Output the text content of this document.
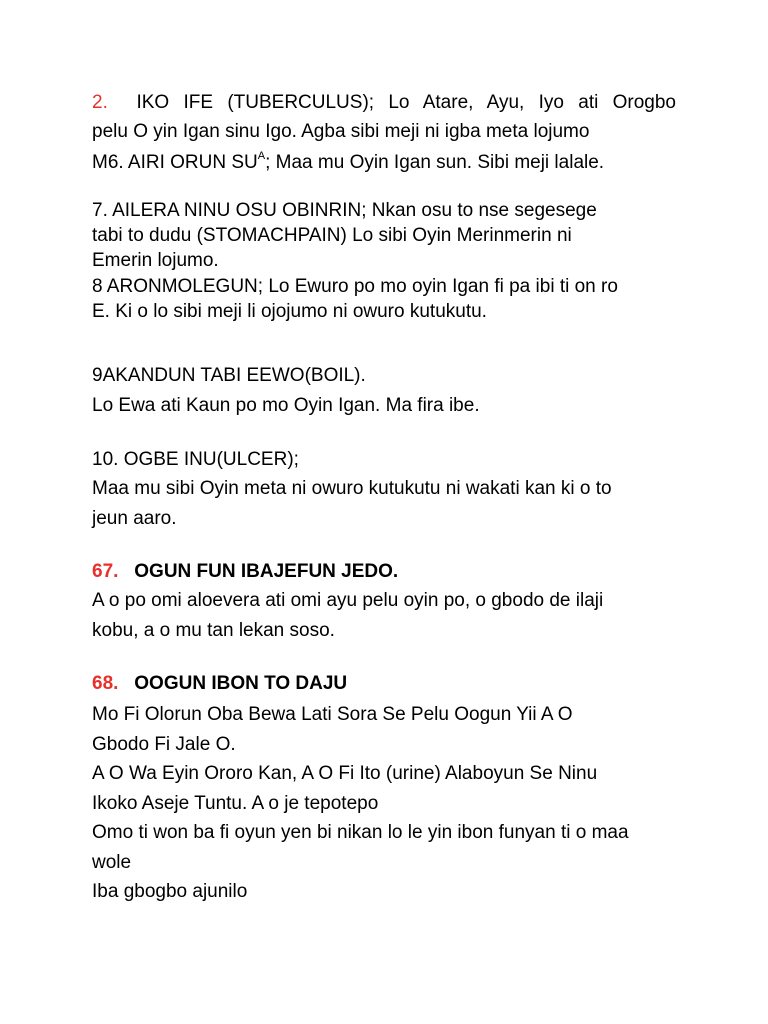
2. IKO IFE (TUBERCULUS); Lo Atare, Ayu, Iyo ati Orogbo
pelu O yin Igan sinu Igo. Agba sibi meji ni igba meta lojumo
M6. AIRI ORUN $SU^A$; Maa mu Oyin Igan sun. Sibi meji lalale.
7. AILERA NINU OSU OBINRIN; Nkan osu to nse segesege
tabi to dudu (STOMACHPAIN) Lo sibi Oyin Merinmerin ni
Emerin lojumo.
8 ARONMOLEGUN; Lo Ewuro po mo oyin Igan fi pa ibi ti on ro
E. Ki o lo sibi meji li ojojumo ni owuro kutukutu.
9AKANDUN TABI EEWO(BOIL).
Lo Ewa ati Kaun po mo Oyin Igan. Ma fira ibe.
10. OGBE INU(ULCER);
Maa mu sibi Oyin meta ni owuro kutukutu ni wakati kan ki o to
jeun aaro.
67. OGUN FUN IBAJEFUN JEDO.
A o po omi aloevera ati omi ayu pelu oyin po, o gbodo de ilaji
kobu, a o mu tan lekan soso.
68. OOGUN IBON TO DAJU
Mo Fi Olorun Oba Bewa Lati Sora Se Pelu Oogun Yii A O
Gbodo Fi Jale O.
A O Wa Eyin Ororo Kan, A O Fi Ito (urine) Alaboyun Se Ninu
Ikoko Aseje Tuntu. A o je tepotepo
Omo ti won ba fi oyun yen bi nikan lo le yin ibon funyan ti o maa
wole
Iba gbogbo ajunilo
